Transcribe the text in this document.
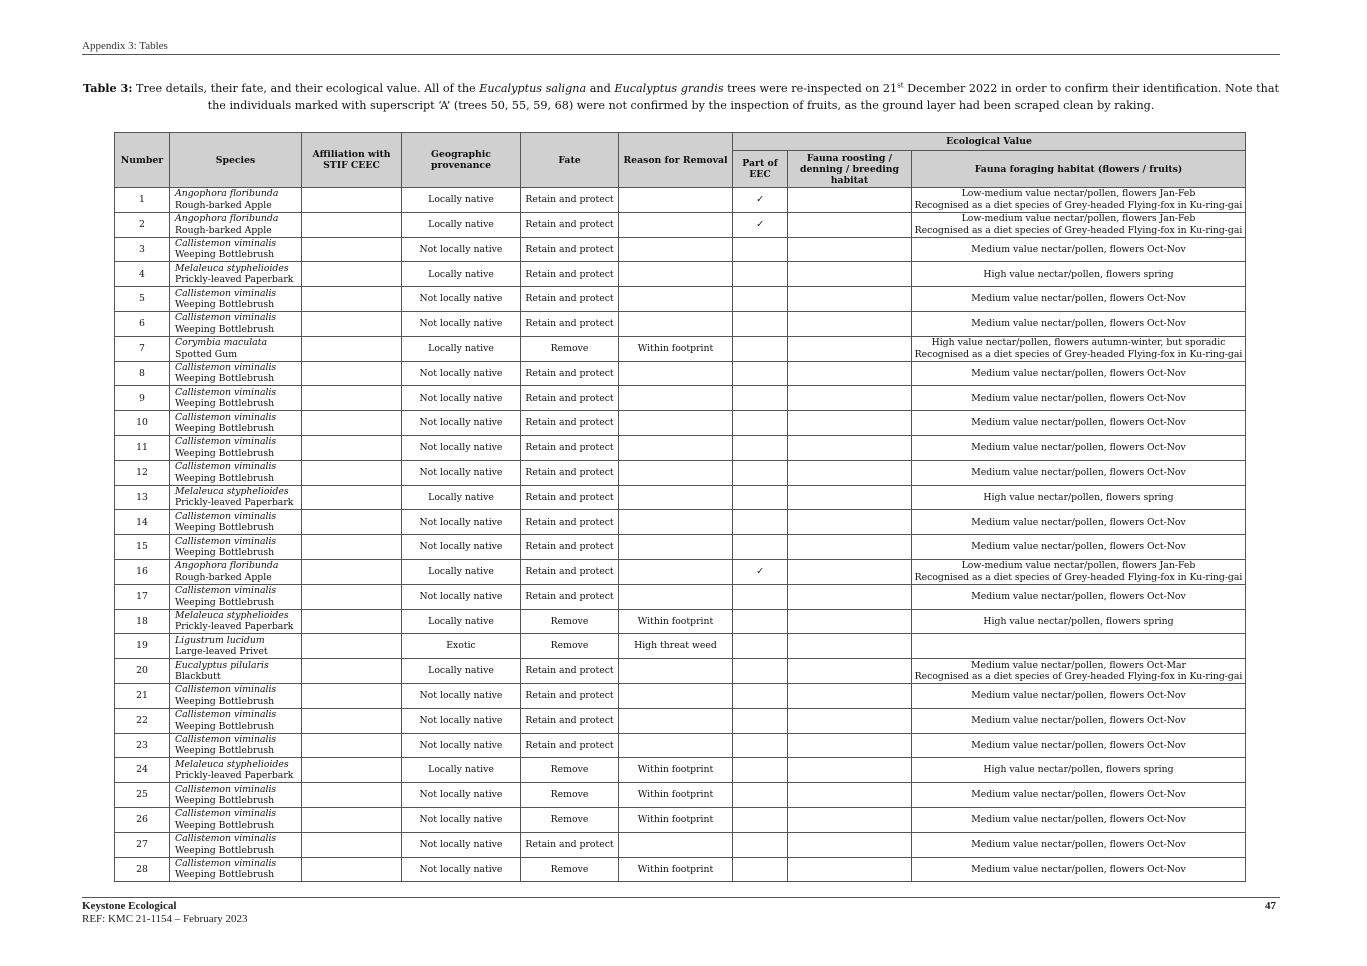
Appendix 3: Tables
Table 3: Tree details, their fate, and their ecological value. All of the Eucalyptus saligna and Eucalyptus grandis trees were re-inspected on 21st December 2022 in order to confirm their identification. Note that the individuals marked with superscript ‘A’ (trees 50, 55, 59, 68) were not confirmed by the inspection of fruits, as the ground layer had been scraped clean by raking.
Number	Species	Affiliation with STIF CEEC	Geographic provenance	Fate	Reason for Removal	Ecological Value		
						Part of EEC	Fauna roosting / denning / breeding habitat	Fauna foraging habitat (flowers / fruits)
1	Angophora floribunda
Rough-barked Apple		Locally native	Retain and protect		✓		Low-medium value nectar/pollen, flowers Jan-Feb
Recognised as a diet species of Grey-headed Flying-fox in Ku-ring-gai

2	Angophora floribunda
Rough-barked Apple		Locally native	Retain and protect		✓		Low-medium value nectar/pollen, flowers Jan-Feb
Recognised as a diet species of Grey-headed Flying-fox in Ku-ring-gai

3	Callistemon viminalis
Weeping Bottlebrush		Not locally native	Retain and protect				Medium value nectar/pollen, flowers Oct-Nov

4	Melaleuca styphelioides
Prickly-leaved Paperbark		Locally native	Retain and protect				High value nectar/pollen, flowers spring

5	Callistemon viminalis
Weeping Bottlebrush		Not locally native	Retain and protect				Medium value nectar/pollen, flowers Oct-Nov

6	Callistemon viminalis
Weeping Bottlebrush		Not locally native	Retain and protect				Medium value nectar/pollen, flowers Oct-Nov

7	Corymbia maculata
Spotted Gum		Locally native	Remove	Within footprint			High value nectar/pollen, flowers autumn-winter, but sporadic
Recognised as a diet species of Grey-headed Flying-fox in Ku-ring-gai

8	Callistemon viminalis
Weeping Bottlebrush		Not locally native	Retain and protect				Medium value nectar/pollen, flowers Oct-Nov

9	Callistemon viminalis
Weeping Bottlebrush		Not locally native	Retain and protect				Medium value nectar/pollen, flowers Oct-Nov

10	Callistemon viminalis
Weeping Bottlebrush		Not locally native	Retain and protect				Medium value nectar/pollen, flowers Oct-Nov

11	Callistemon viminalis
Weeping Bottlebrush		Not locally native	Retain and protect				Medium value nectar/pollen, flowers Oct-Nov

12	Callistemon viminalis
Weeping Bottlebrush		Not locally native	Retain and protect				Medium value nectar/pollen, flowers Oct-Nov

13	Melaleuca styphelioides
Prickly-leaved Paperbark		Locally native	Retain and protect				High value nectar/pollen, flowers spring

14	Callistemon viminalis
Weeping Bottlebrush		Not locally native	Retain and protect				Medium value nectar/pollen, flowers Oct-Nov

15	Callistemon viminalis
Weeping Bottlebrush		Not locally native	Retain and protect				Medium value nectar/pollen, flowers Oct-Nov

16	Angophora floribunda
Rough-barked Apple		Locally native	Retain and protect		✓		Low-medium value nectar/pollen, flowers Jan-Feb
Recognised as a diet species of Grey-headed Flying-fox in Ku-ring-gai

17	Callistemon viminalis
Weeping Bottlebrush		Not locally native	Retain and protect				Medium value nectar/pollen, flowers Oct-Nov

18	Melaleuca styphelioides
Prickly-leaved Paperbark		Locally native	Remove	Within footprint			High value nectar/pollen, flowers spring

19	Ligustrum lucidum
Large-leaved Privet		Exotic	Remove	High threat weed			

20	Eucalyptus pilularis
Blackbutt		Locally native	Retain and protect				Medium value nectar/pollen, flowers Oct-Mar
Recognised as a diet species of Grey-headed Flying-fox in Ku-ring-gai

21	Callistemon viminalis
Weeping Bottlebrush		Not locally native	Retain and protect				Medium value nectar/pollen, flowers Oct-Nov

22	Callistemon viminalis
Weeping Bottlebrush		Not locally native	Retain and protect				Medium value nectar/pollen, flowers Oct-Nov

23	Callistemon viminalis
Weeping Bottlebrush		Not locally native	Retain and protect				Medium value nectar/pollen, flowers Oct-Nov

24	Melaleuca styphelioides
Prickly-leaved Paperbark		Locally native	Remove	Within footprint			High value nectar/pollen, flowers spring

25	Callistemon viminalis
Weeping Bottlebrush		Not locally native	Remove	Within footprint			Medium value nectar/pollen, flowers Oct-Nov

26	Callistemon viminalis
Weeping Bottlebrush		Not locally native	Remove	Within footprint			Medium value nectar/pollen, flowers Oct-Nov

27	Callistemon viminalis
Weeping Bottlebrush		Not locally native	Retain and protect				Medium value nectar/pollen, flowers Oct-Nov

28	Callistemon viminalis
Weeping Bottlebrush		Not locally native	Remove	Within footprint			Medium value nectar/pollen, flowers Oct-Nov
Keystone Ecological
REF: KMC 21-1154 – February 2023
47
